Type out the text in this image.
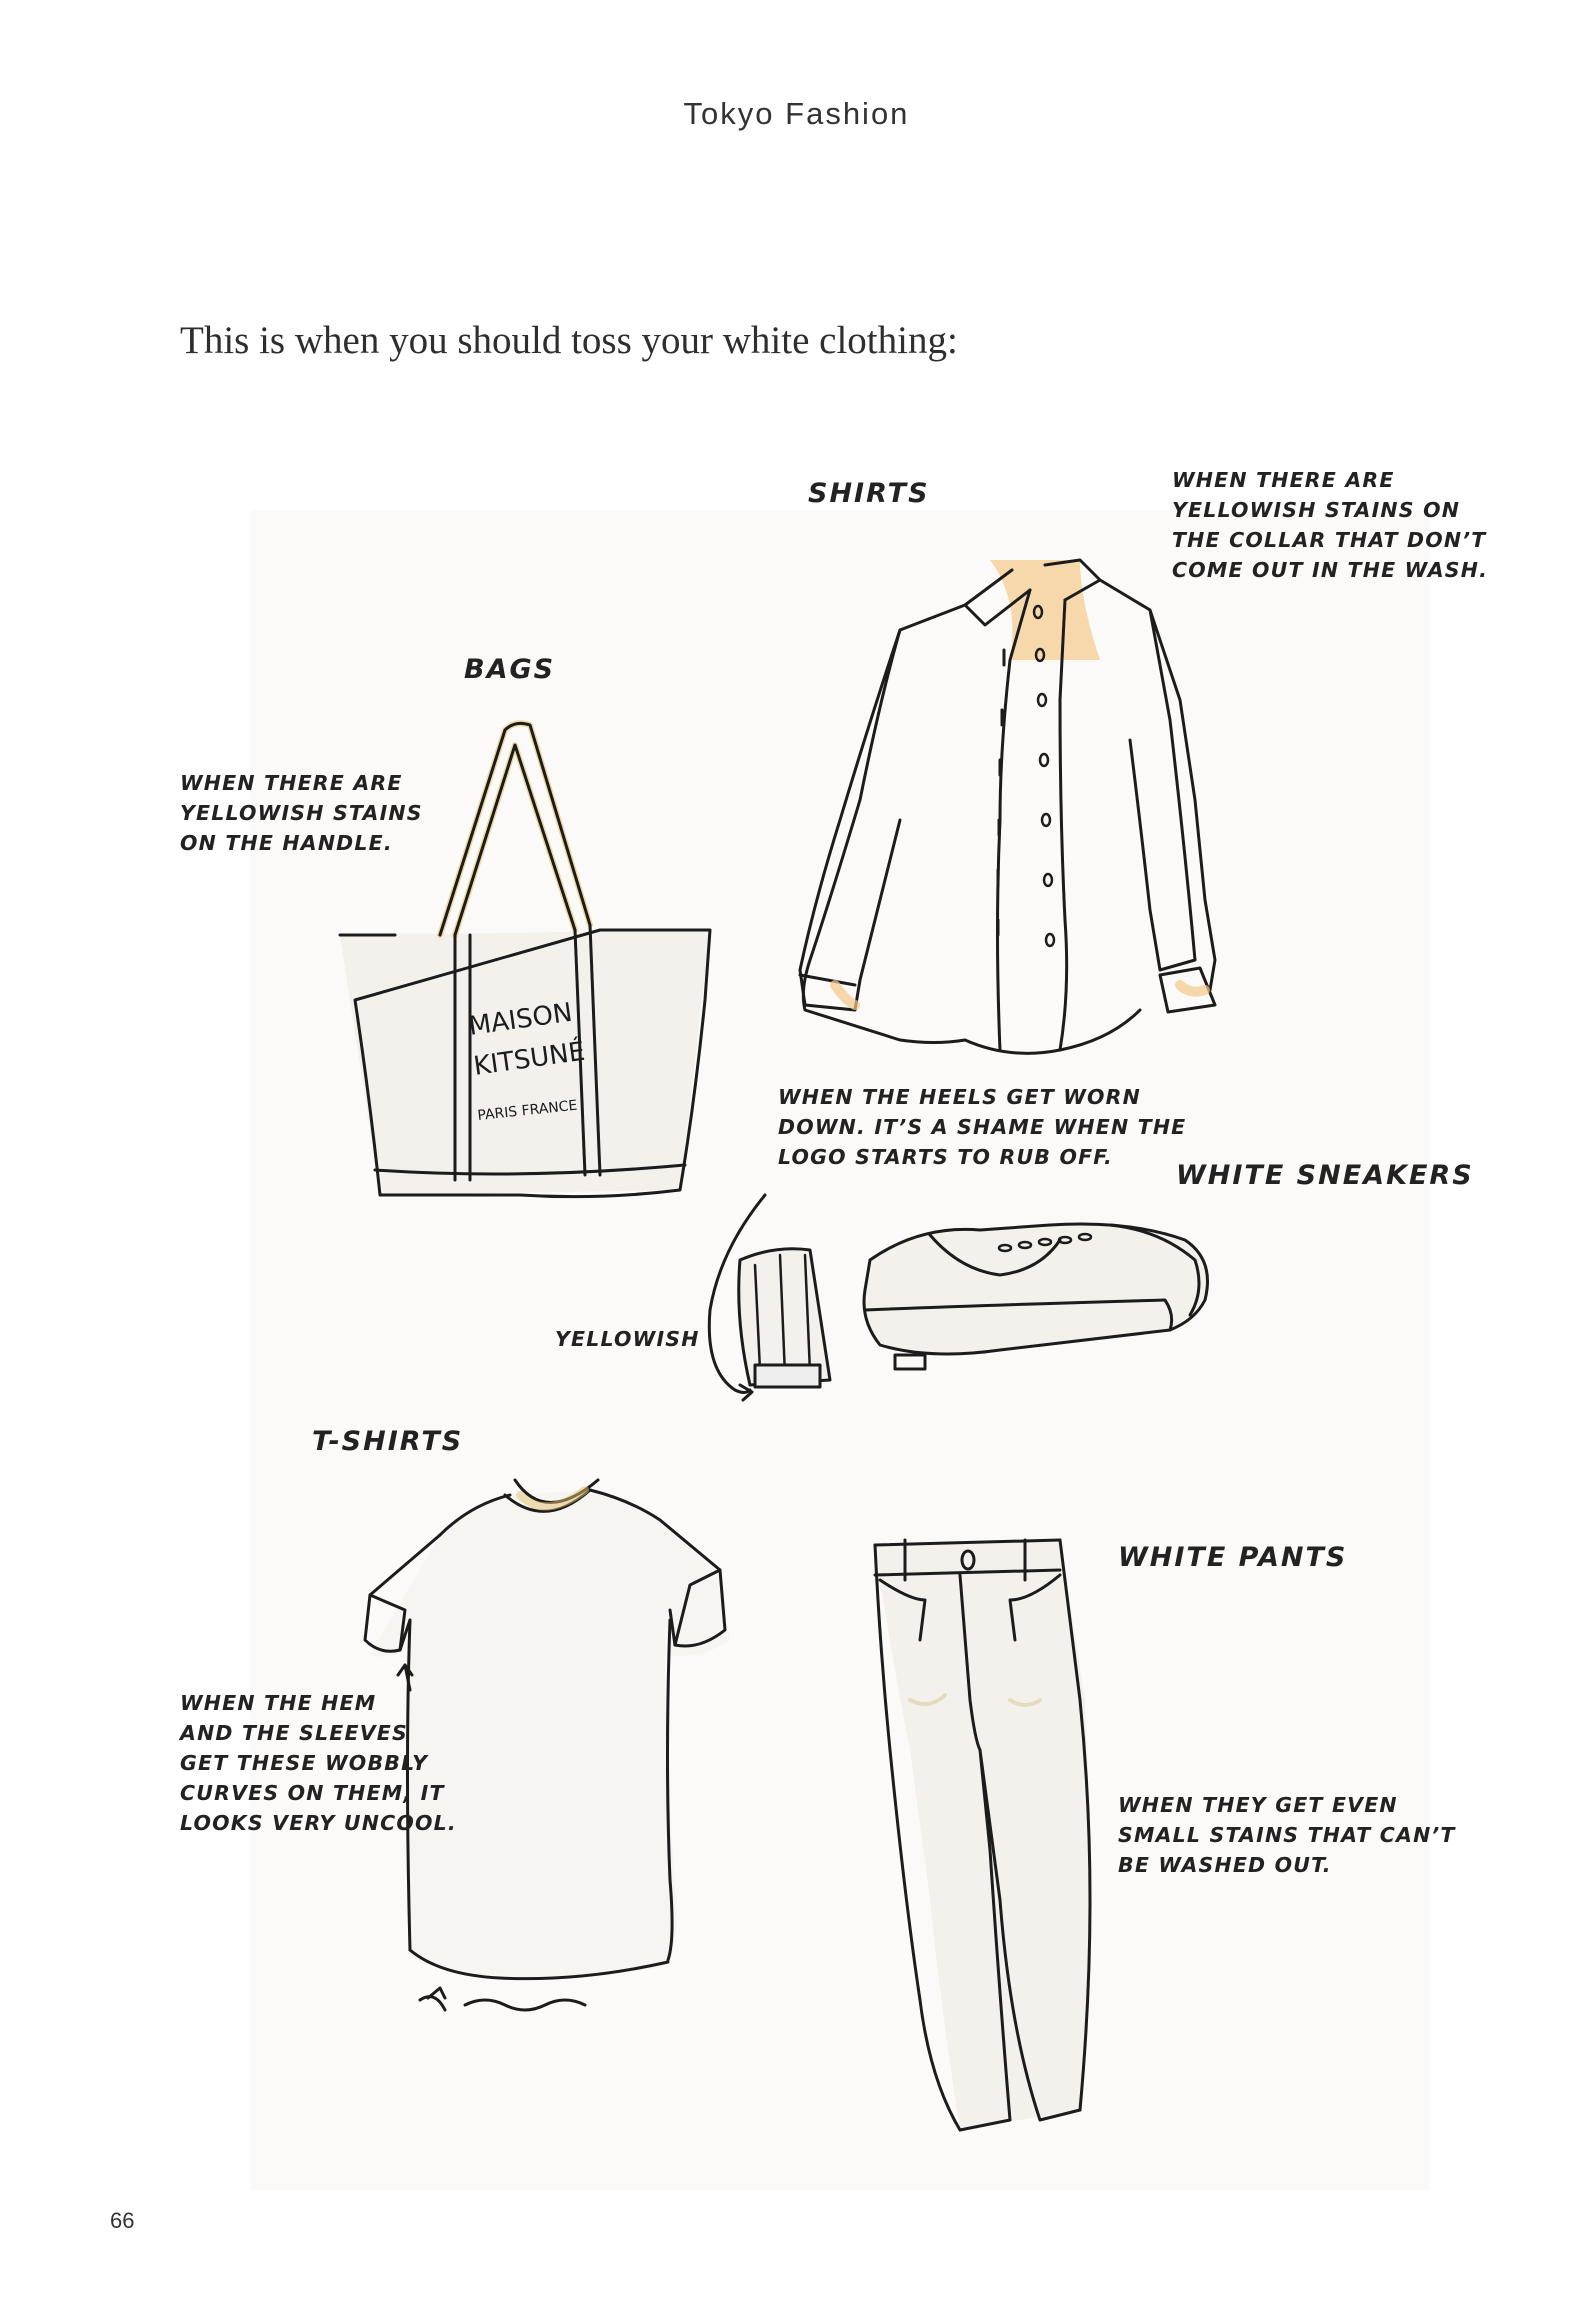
Tokyo Fashion
This is when you should toss your white clothing:
MAISON
KITSUNÉ
PARIS FRANCE
SHIRTS
BAGS
WHITE SNEAKERS
T-SHIRTS
WHITE PANTS
WHEN THERE ARE
YELLOWISH STAINS ON
THE COLLAR THAT DON’T
COME OUT IN THE WASH.
WHEN THERE ARE
YELLOWISH STAINS
ON THE HANDLE.
WHEN THE HEELS GET WORN
DOWN. IT’S A SHAME WHEN THE
LOGO STARTS TO RUB OFF.
YELLOWISH
WHEN THE HEM
AND THE SLEEVES
GET THESE WOBBLY
CURVES ON THEM, IT
LOOKS VERY UNCOOL.
WHEN THEY GET EVEN
SMALL STAINS THAT CAN’T
BE WASHED OUT.
66
